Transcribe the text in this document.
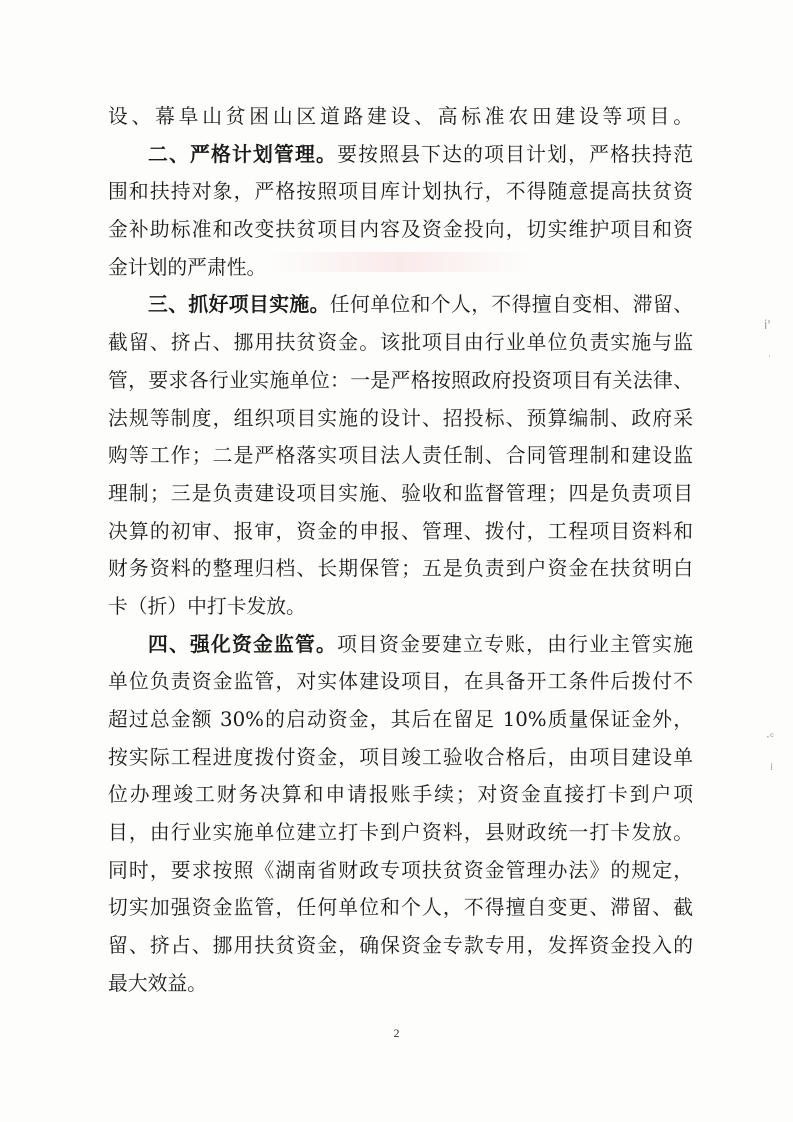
设、幕阜山贫困山区道路建设、高标准农田建设等项目。
二、严格计划管理。要按照县下达的项目计划，严格扶持范
围和扶持对象，严格按照项目库计划执行，不得随意提高扶贫资
金补助标准和改变扶贫项目内容及资金投向，切实维护项目和资
金计划的严肃性。
三、抓好项目实施。任何单位和个人，不得擅自变相、滞留、
截留、挤占、挪用扶贫资金。该批项目由行业单位负责实施与监
管，要求各行业实施单位：一是严格按照政府投资项目有关法律、
法规等制度，组织项目实施的设计、招投标、预算编制、政府采
购等工作；二是严格落实项目法人责任制、合同管理制和建设监
理制；三是负责建设项目实施、验收和监督管理；四是负责项目
决算的初审、报审，资金的申报、管理、拨付，工程项目资料和
财务资料的整理归档、长期保管；五是负责到户资金在扶贫明白
卡（折）中打卡发放。
四、强化资金监管。项目资金要建立专账，由行业主管实施
单位负责资金监管，对实体建设项目，在具备开工条件后拨付不
超过总金额 30%的启动资金，其后在留足 10%质量保证金外，
按实际工程进度拨付资金，项目竣工验收合格后，由项目建设单
位办理竣工财务决算和申请报账手续；对资金直接打卡到户项
目，由行业实施单位建立打卡到户资料，县财政统一打卡发放。
同时，要求按照《湖南省财政专项扶贫资金管理办法》的规定，
切实加强资金监管，任何单位和个人，不得擅自变更、滞留、截
留、挤占、挪用扶贫资金，确保资金专款专用，发挥资金投入的
最大效益。
2
ⅰ'
·
·ᶜ
⁞
